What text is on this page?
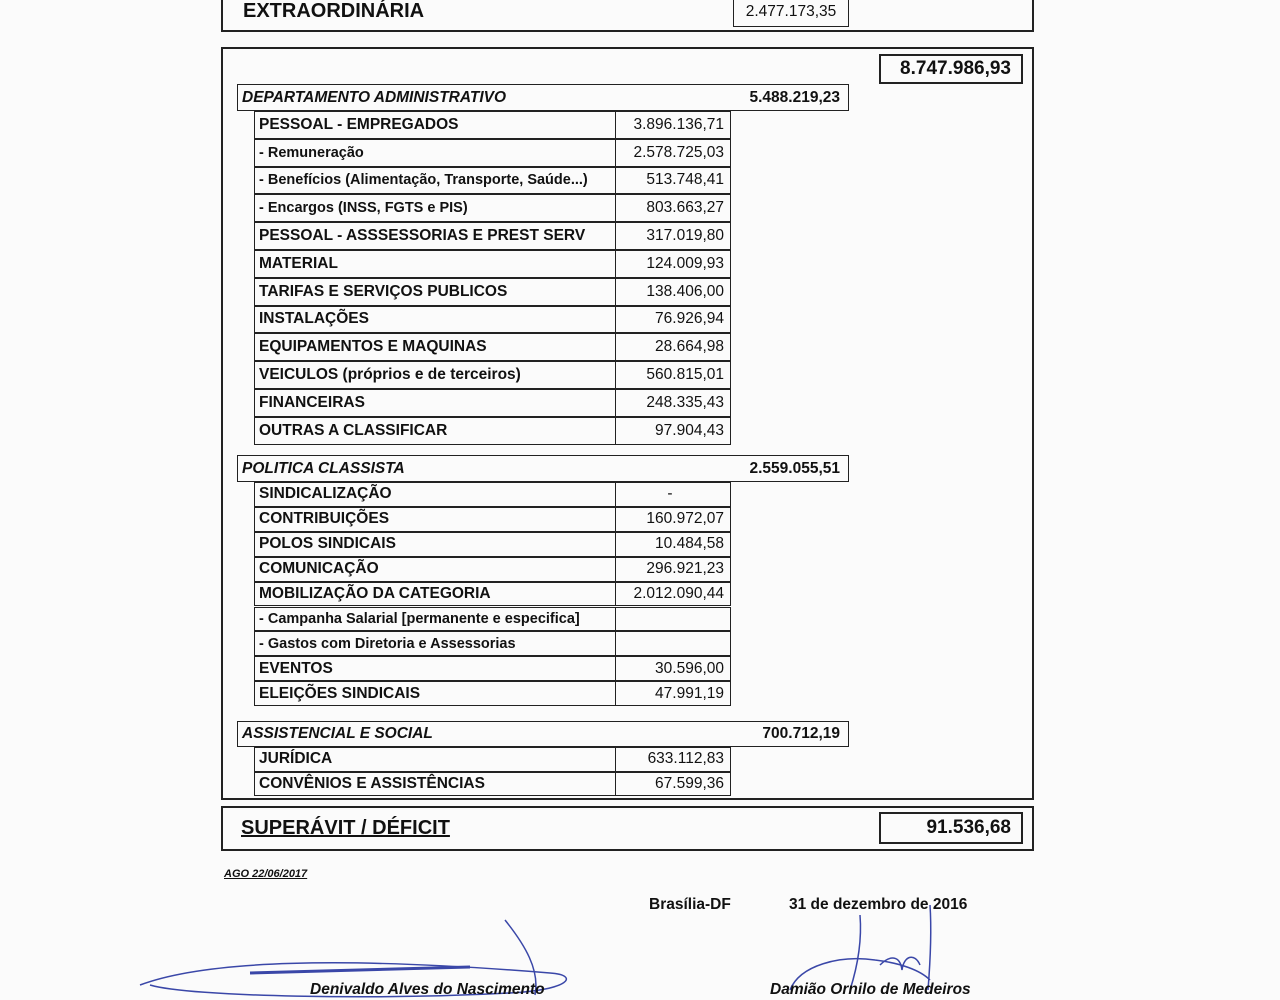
EXTRAORDINÁRIA	2.477.173,35
8.747.986,93
DEPARTAMENTO ADMINISTRATIVO	5.488.219,23
PESSOAL - EMPREGADOS	3.896.136,71
- Remuneração	2.578.725,03
- Benefícios (Alimentação, Transporte, Saúde...)	513.748,41
- Encargos (INSS, FGTS e PIS)	803.663,27
PESSOAL - ASSSESSORIAS E PREST SERV	317.019,80
MATERIAL	124.009,93
TARIFAS E SERVIÇOS PUBLICOS	138.406,00
INSTALAÇÕES	76.926,94
EQUIPAMENTOS E MAQUINAS	28.664,98
VEICULOS (próprios e de terceiros)	560.815,01
FINANCEIRAS	248.335,43
OUTRAS A CLASSIFICAR	97.904,43
POLITICA CLASSISTA	2.559.055,51
SINDICALIZAÇÃO	-
CONTRIBUIÇÕES	160.972,07
POLOS SINDICAIS	10.484,58
COMUNICAÇÃO	296.921,23
MOBILIZAÇÃO DA CATEGORIA	2.012.090,44
- Campanha Salarial [permanente e especifica]
- Gastos com Diretoria e Assessorias
EVENTOS	30.596,00
ELEIÇÕES SINDICAIS	47.991,19
ASSISTENCIAL E SOCIAL	700.712,19
JURÍDICA	633.112,83
CONVÊNIOS E ASSISTÊNCIAS	67.599,36
SUPERÁVIT / DÉFICIT	91.536,68
AGO 22/06/2017
Brasília-DF	31 de dezembro de 2016
Denivaldo Alves do Nascimento	Damião Ornilo de Medeiros
